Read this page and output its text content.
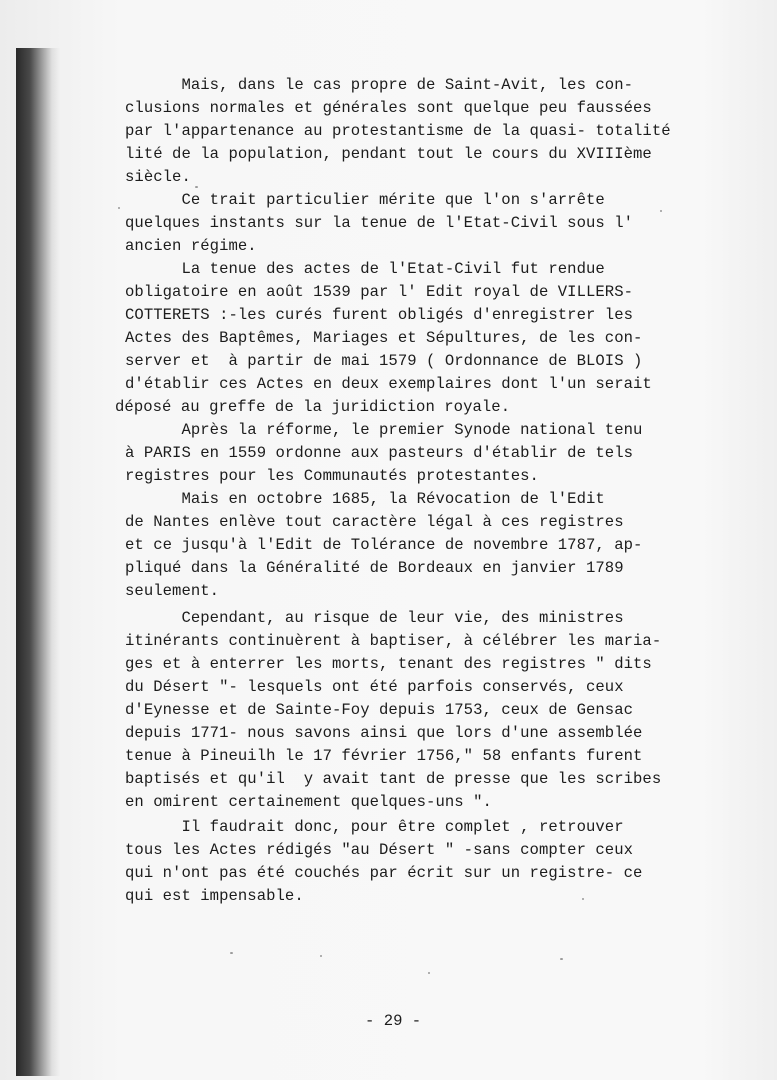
Mais, dans le cas propre de Saint-Avit, les con-
clusions normales et générales sont quelque peu faussées
par l'appartenance au protestantisme de la quasi- totalité
lité de la population, pendant tout le cours du XVIIIème
siècle.
Ce trait particulier mérite que l'on s'arrête
quelques instants sur la tenue de l'Etat-Civil sous l'
ancien régime.
La tenue des actes de l'Etat-Civil fut rendue
obligatoire en août 1539 par l' Edit royal de VILLERS-
COTTERETS :-les curés furent obligés d'enregistrer les
Actes des Baptêmes, Mariages et Sépultures, de les con-
server et  à partir de mai 1579 ( Ordonnance de BLOIS )
d'établir ces Actes en deux exemplaires dont l'un serait
déposé au greffe de la juridiction royale.
Après la réforme, le premier Synode national tenu
à PARIS en 1559 ordonne aux pasteurs d'établir de tels
registres pour les Communautés protestantes.
Mais en octobre 1685, la Révocation de l'Edit
de Nantes enlève tout caractère légal à ces registres
et ce jusqu'à l'Edit de Tolérance de novembre 1787, ap-
pliqué dans la Généralité de Bordeaux en janvier 1789
seulement.
Cependant, au risque de leur vie, des ministres
itinérants continuèrent à baptiser, à célébrer les maria-
ges et à enterrer les morts, tenant des registres " dits
du Désert "- lesquels ont été parfois conservés, ceux
d'Eynesse et de Sainte-Foy depuis 1753, ceux de Gensac
depuis 1771- nous savons ainsi que lors d'une assemblée
tenue à Pineuilh le 17 février 1756," 58 enfants furent
baptisés et qu'il  y avait tant de presse que les scribes
en omirent certainement quelques-uns ".
Il faudrait donc, pour être complet , retrouver
tous les Actes rédigés "au Désert " -sans compter ceux
qui n'ont pas été couchés par écrit sur un registre- ce
qui est impensable.
- 29 -
